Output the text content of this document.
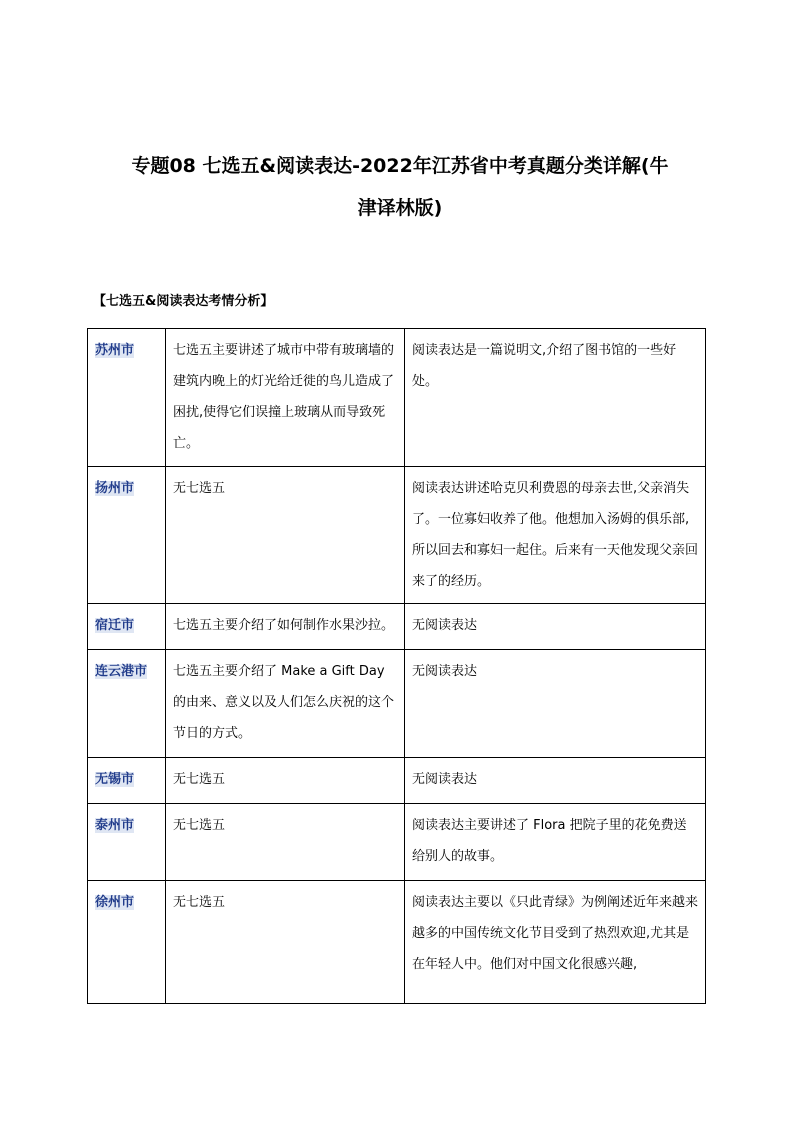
专题08 七选五&阅读表达-2022年江苏省中考真题分类详解(牛
津译林版)
【七选五&阅读表达考情分析】
苏州市	七选五主要讲述了城市中带有玻璃墙的建筑内晚上的灯光给迁徙的鸟儿造成了困扰,使得它们误撞上玻璃从而导致死亡。	阅读表达是一篇说明文,介绍了图书馆的一些好处。
扬州市	无七选五	阅读表达讲述哈克贝利费恩的母亲去世,父亲消失了。一位寡妇收养了他。他想加入汤姆的俱乐部,所以回去和寡妇一起住。后来有一天他发现父亲回来了的经历。
宿迁市	七选五主要介绍了如何制作水果沙拉。	无阅读表达
连云港市	七选五主要介绍了 Make a Gift Day 的由来、意义以及人们怎么庆祝的这个节日的方式。	无阅读表达
无锡市	无七选五	无阅读表达
泰州市	无七选五	阅读表达主要讲述了 Flora 把院子里的花免费送给别人的故事。
徐州市	无七选五	阅读表达主要以《只此青绿》为例阐述近年来越来越多的中国传统文化节目受到了热烈欢迎,尤其是在年轻人中。他们对中国文化很感兴趣,
